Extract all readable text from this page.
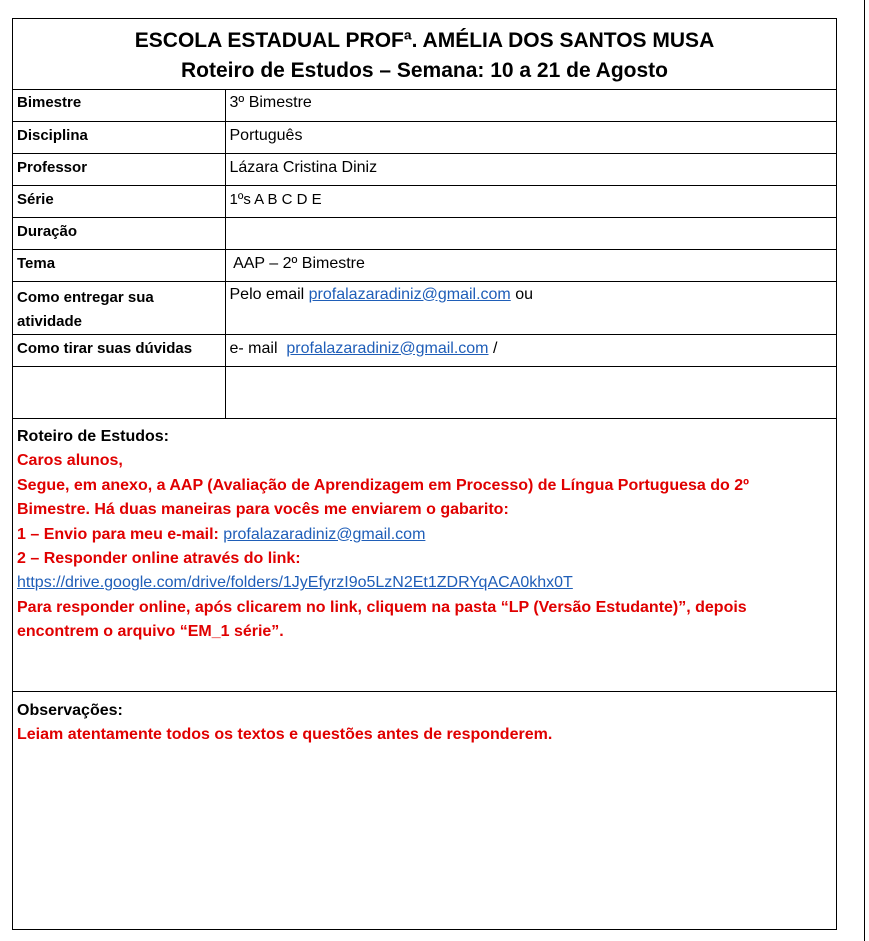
ESCOLA ESTADUAL PROFª. AMÉLIA DOS SANTOS MUSA
Roteiro de Estudos – Semana: 10 a 21 de Agosto
Bimestre	3º Bimestre
Disciplina	Português
Professor	Lázara Cristina Diniz
Série	1ºs A B C D E
Duração	
Tema	AAP – 2º Bimestre
Como entregar sua atividade	Pelo email profalazaradiniz@gmail.com ou
Como tirar suas dúvidas	e- mail  profalazaradiniz@gmail.com /

Roteiro de Estudos:
Caros alunos,
Segue, em anexo, a AAP (Avaliação de Aprendizagem em Processo) de Língua Portuguesa do 2º
Bimestre. Há duas maneiras para vocês me enviarem o gabarito:
1 – Envio para meu e-mail: profalazaradiniz@gmail.com
2 – Responder online através do link:
https://drive.google.com/drive/folders/1JyEfyrzI9o5LzN2Et1ZDRYqACA0khx0T
Para responder online, após clicarem no link, cliquem na pasta “LP (Versão Estudante)”, depois
encontrem o arquivo “EM_1 série”.
Observações:
Leiam atentamente todos os textos e questões antes de responderem.
